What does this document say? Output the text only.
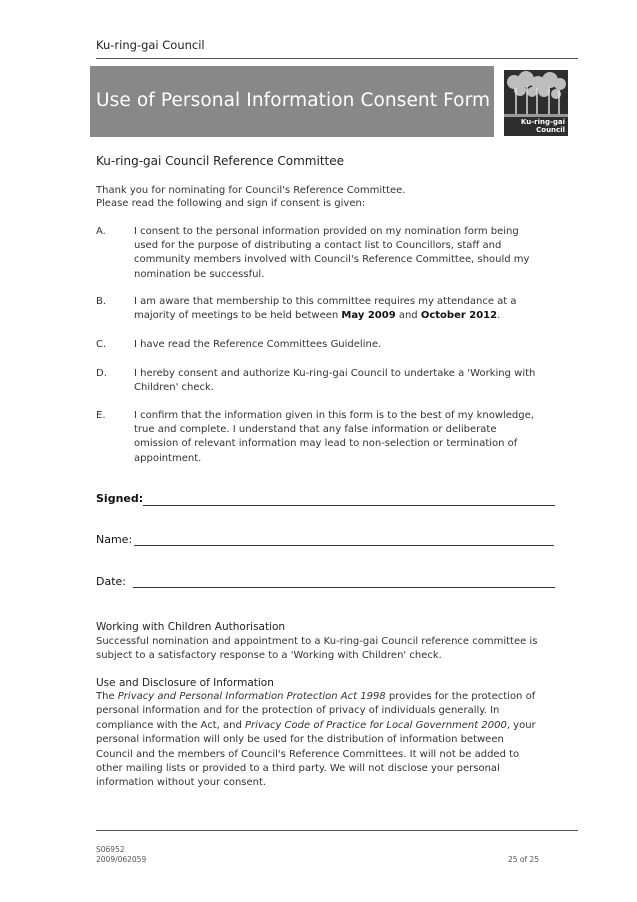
Ku-ring-gai Council
Use of Personal Information Consent Form
Ku-ring-gai
Council
Ku-ring-gai Council Reference Committee
Thank you for nominating for Council's Reference Committee.
Please read the following and sign if consent is given:
A.	I consent to the personal information provided on my nomination form being
used for the purpose of distributing a contact list to Councillors, staff and
community members involved with Council's Reference Committee, should my
nomination be successful.
B.	I am aware that membership to this committee requires my attendance at a
majority of meetings to be held between May 2009 and October 2012.
C.	I have read the Reference Committees Guideline.
D.	I hereby consent and authorize Ku-ring-gai Council to undertake a 'Working with
Children' check.
E.	I confirm that the information given in this form is to the best of my knowledge,
true and complete. I understand that any false information or deliberate
omission of relevant information may lead to non-selection or termination of
appointment.
Signed:
Name:
Date:
Working with Children Authorisation
Successful nomination and appointment to a Ku-ring-gai Council reference committee is
subject to a satisfactory response to a 'Working with Children' check.
Use and Disclosure of Information
The Privacy and Personal Information Protection Act 1998 provides for the protection of
personal information and for the protection of privacy of individuals generally. In
compliance with the Act, and Privacy Code of Practice for Local Government 2000, your
personal information will only be used for the distribution of information between
Council and the members of Council's Reference Committees. It will not be added to
other mailing lists or provided to a third party. We will not disclose your personal
information without your consent.
S06952
2009/062059	25 of 25
